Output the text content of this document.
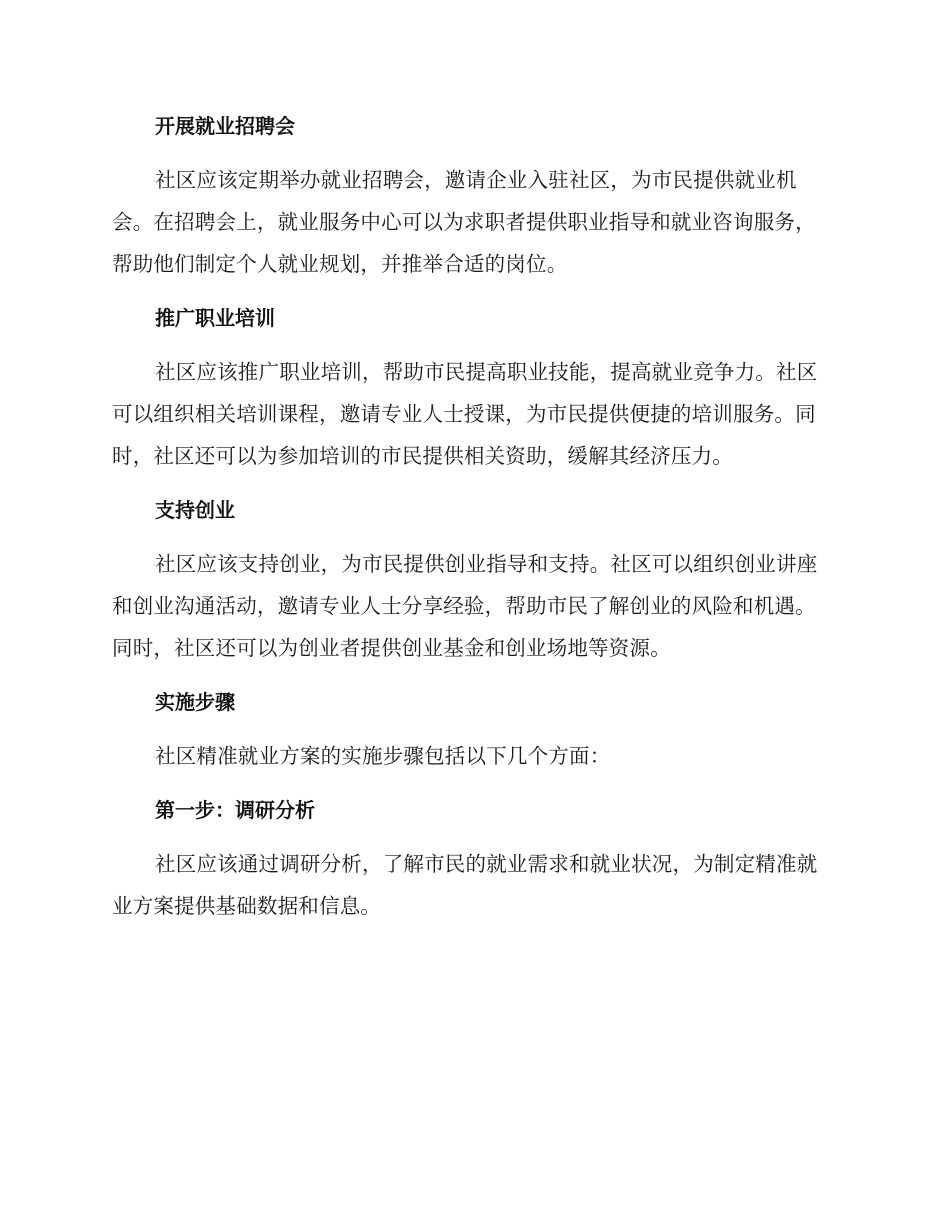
开展就业招聘会

社区应该定期举办就业招聘会，邀请企业入驻社区，为市民提供就业机会。在招聘会上，就业服务中心可以为求职者提供职业指导和就业咨询服务，帮助他们制定个人就业规划，并推举合适的岗位。

推广职业培训

社区应该推广职业培训，帮助市民提高职业技能，提高就业竞争力。社区可以组织相关培训课程，邀请专业人士授课，为市民提供便捷的培训服务。同时，社区还可以为参加培训的市民提供相关资助，缓解其经济压力。

支持创业

社区应该支持创业，为市民提供创业指导和支持。社区可以组织创业讲座和创业沟通活动，邀请专业人士分享经验，帮助市民了解创业的风险和机遇。同时，社区还可以为创业者提供创业基金和创业场地等资源。

实施步骤

社区精准就业方案的实施步骤包括以下几个方面：

第一步：调研分析

社区应该通过调研分析，了解市民的就业需求和就业状况，为制定精准就业方案提供基础数据和信息。
